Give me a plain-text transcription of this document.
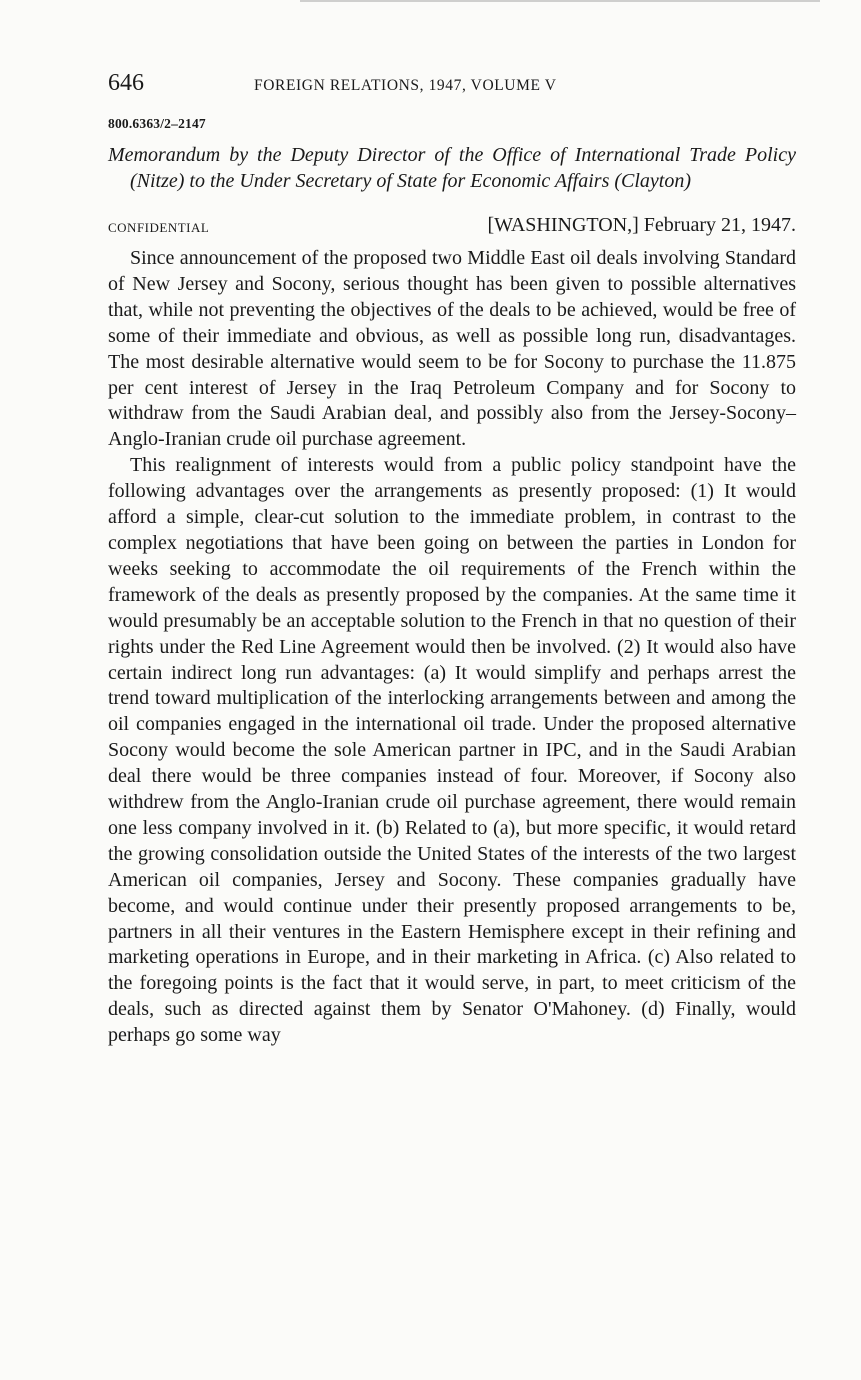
646	FOREIGN RELATIONS, 1947, VOLUME V
800.6363/2–2147
Memorandum by the Deputy Director of the Office of International Trade Policy (Nitze) to the Under Secretary of State for Economic Affairs (Clayton)
CONFIDENTIAL	[WASHINGTON,] February 21, 1947.

Since announcement of the proposed two Middle East oil deals involving Standard of New Jersey and Socony, serious thought has been given to possible alternatives that, while not preventing the objectives of the deals to be achieved, would be free of some of their immediate and obvious, as well as possible long run, disadvantages. The most desirable alternative would seem to be for Socony to purchase the 11.875 per cent interest of Jersey in the Iraq Petroleum Company and for Socony to withdraw from the Saudi Arabian deal, and possibly also from the Jersey-Socony–Anglo-Iranian crude oil purchase agreement.

This realignment of interests would from a public policy standpoint have the following advantages over the arrangements as presently proposed: (1) It would afford a simple, clear-cut solution to the immediate problem, in contrast to the complex negotiations that have been going on between the parties in London for weeks seeking to accommodate the oil requirements of the French within the framework of the deals as presently proposed by the companies. At the same time it would presumably be an acceptable solution to the French in that no question of their rights under the Red Line Agreement would then be involved. (2) It would also have certain indirect long run advantages: (a) It would simplify and perhaps arrest the trend toward multiplication of the interlocking arrangements between and among the oil companies engaged in the international oil trade. Under the proposed alternative Socony would become the sole American partner in IPC, and in the Saudi Arabian deal there would be three companies instead of four. Moreover, if Socony also withdrew from the Anglo-Iranian crude oil purchase agreement, there would remain one less company involved in it. (b) Related to (a), but more specific, it would retard the growing consolidation outside the United States of the interests of the two largest American oil companies, Jersey and Socony. These companies gradually have become, and would continue under their presently proposed arrangements to be, partners in all their ventures in the Eastern Hemisphere except in their refining and marketing operations in Europe, and in their marketing in Africa. (c) Also related to the foregoing points is the fact that it would serve, in part, to meet criticism of the deals, such as directed against them by Senator O'Mahoney. (d) Finally, would perhaps go some way
